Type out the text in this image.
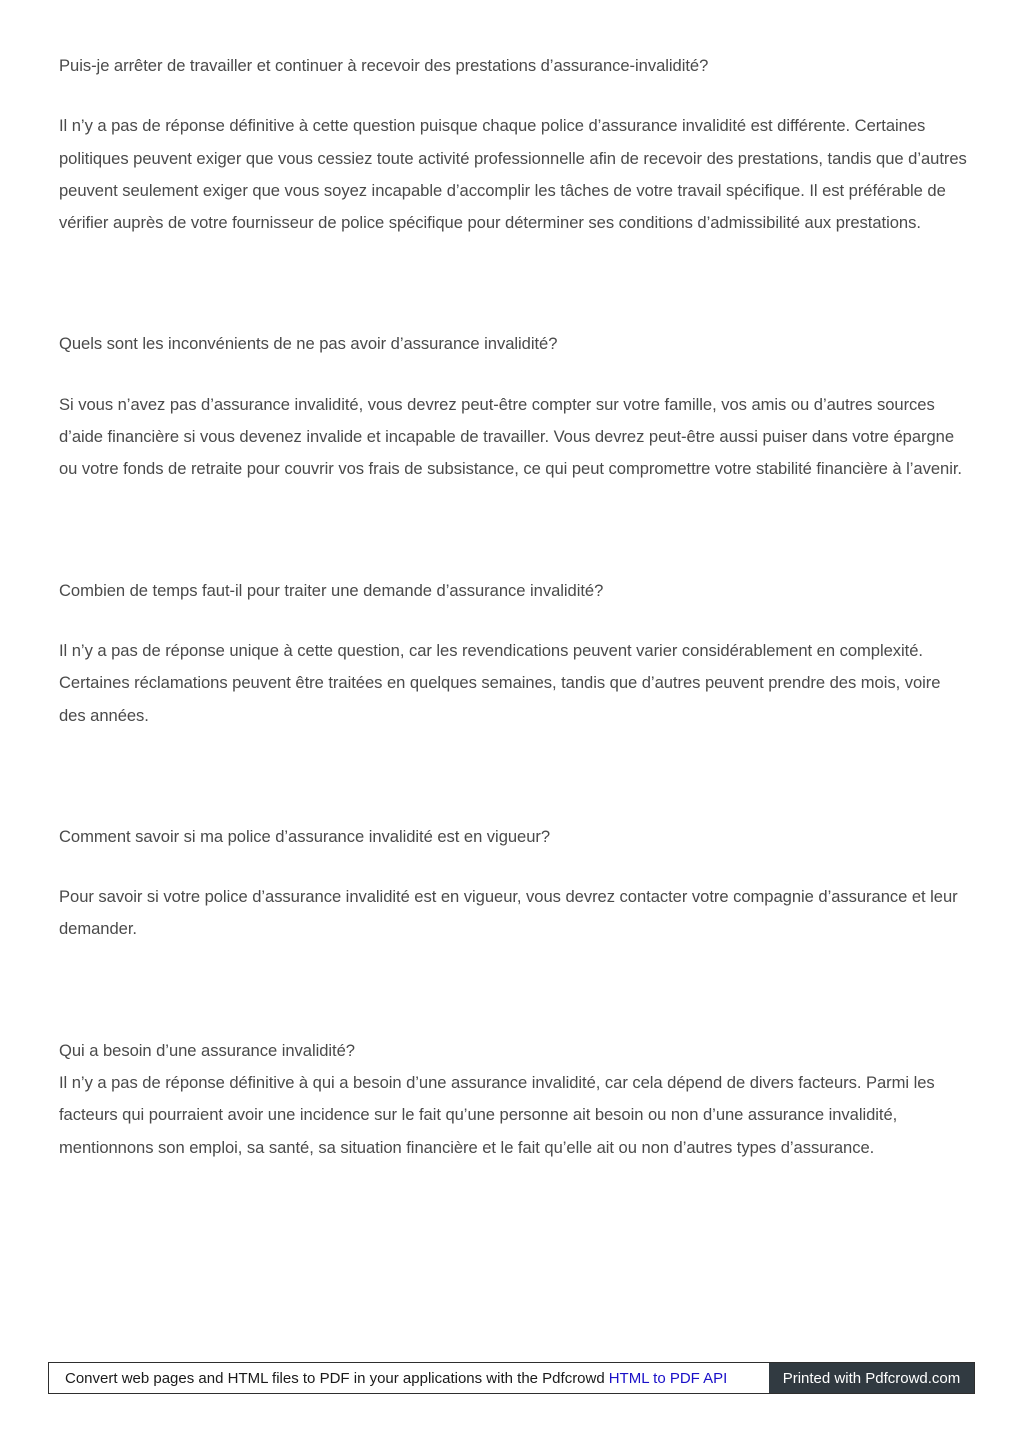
Puis-je arrêter de travailler et continuer à recevoir des prestations d’assurance-invalidité?

Il n’y a pas de réponse définitive à cette question puisque chaque police d’assurance invalidité est différente. Certaines politiques peuvent exiger que vous cessiez toute activité professionnelle afin de recevoir des prestations, tandis que d’autres peuvent seulement exiger que vous soyez incapable d’accomplir les tâches de votre travail spécifique. Il est préférable de vérifier auprès de votre fournisseur de police spécifique pour déterminer ses conditions d’admissibilité aux prestations.

Quels sont les inconvénients de ne pas avoir d’assurance invalidité?

Si vous n’avez pas d’assurance invalidité, vous devrez peut-être compter sur votre famille, vos amis ou d’autres sources d’aide financière si vous devenez invalide et incapable de travailler. Vous devrez peut-être aussi puiser dans votre épargne ou votre fonds de retraite pour couvrir vos frais de subsistance, ce qui peut compromettre votre stabilité financière à l’avenir.

Combien de temps faut-il pour traiter une demande d’assurance invalidité?

Il n’y a pas de réponse unique à cette question, car les revendications peuvent varier considérablement en complexité. Certaines réclamations peuvent être traitées en quelques semaines, tandis que d’autres peuvent prendre des mois, voire des années.

Comment savoir si ma police d’assurance invalidité est en vigueur?

Pour savoir si votre police d’assurance invalidité est en vigueur, vous devrez contacter votre compagnie d’assurance et leur demander.

Qui a besoin d’une assurance invalidité?

Il n’y a pas de réponse définitive à qui a besoin d’une assurance invalidité, car cela dépend de divers facteurs. Parmi les facteurs qui pourraient avoir une incidence sur le fait qu’une personne ait besoin ou non d’une assurance invalidité, mentionnons son emploi, sa santé, sa situation financière et le fait qu’elle ait ou non d’autres types d’assurance.

Convert web pages and HTML files to PDF in your applications with the Pdfcrowd HTML to PDF API	Printed with Pdfcrowd.com
